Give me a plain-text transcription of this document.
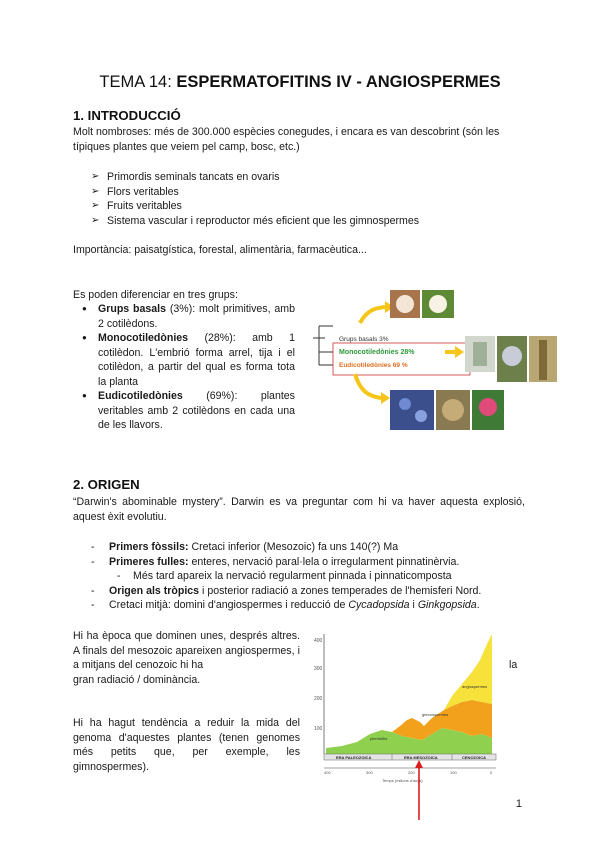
TEMA 14: ESPERMATOFITINS IV - ANGIOSPERMES
1. INTRODUCCIÓ

Molt nombroses: més de 300.000 espècies conegudes, i encara es van descobrint (són les típiques plantes que veiem pel camp, bosc, etc.)

➢ Primordis seminals tancats en ovaris
➢ Flors veritables
➢ Fruits veritables
➢ Sistema vascular i reproductor més eficient que les gimnospermes

Importància: paisatgística, forestal, alimentària, farmacèutica...

Es poden diferenciar en tres grups:

● Grups basals (3%): molt primitives, amb 2 cotilèdons.
● Monocotiledònies (28%): amb 1 cotilèdon. L'embrió forma arrel, tija i el cotilèdon, a partir del qual es forma tota la planta
● Eudicotiledònies (69%): plantes veritables amb 2 cotilèdons en cada una de les llavors.
Grups basals 3%
Monocotiledònies 28%
Eudicotiledònies 69 %
2. ORIGEN

“Darwin's abominable mystery”. Darwin es va preguntar com hi va haver aquesta explosió, aquest èxit evolutiu.

- Primers fòssils: Cretaci inferior (Mesozoic) fa uns 140(?) Ma
- Primeres fulles: enteres, nervació paral·lela o irregularment pinnatinèrvia.
- Més tard apareix la nervació regularment pinnada i pinnaticomposta
- Origen als tròpics i posterior radiació a zones temperades de l'hemisferi Nord.
- Cretaci mitjà: domini d'angiospermes i reducció de Cycadopsida i Ginkgopsida.

Hi ha època que dominen unes, després altres. A finals del mesozoic apareixen angiospermes, i a mitjans del cenozoic hi ha	la

gran radiació / dominància.

Hi ha hagut tendència a reduir la mida del genoma d'aquestes plantes (tenen genomes més petits que, per exemple, les gimnospermes).

400
300
200
100
angiospermes
gimnospermes
pteridòfits
ERA PALEOZOICA	ERA MESOZOICA	CENOZOICA
400	300	200	100	0
Temps (milions d'anys)
1
